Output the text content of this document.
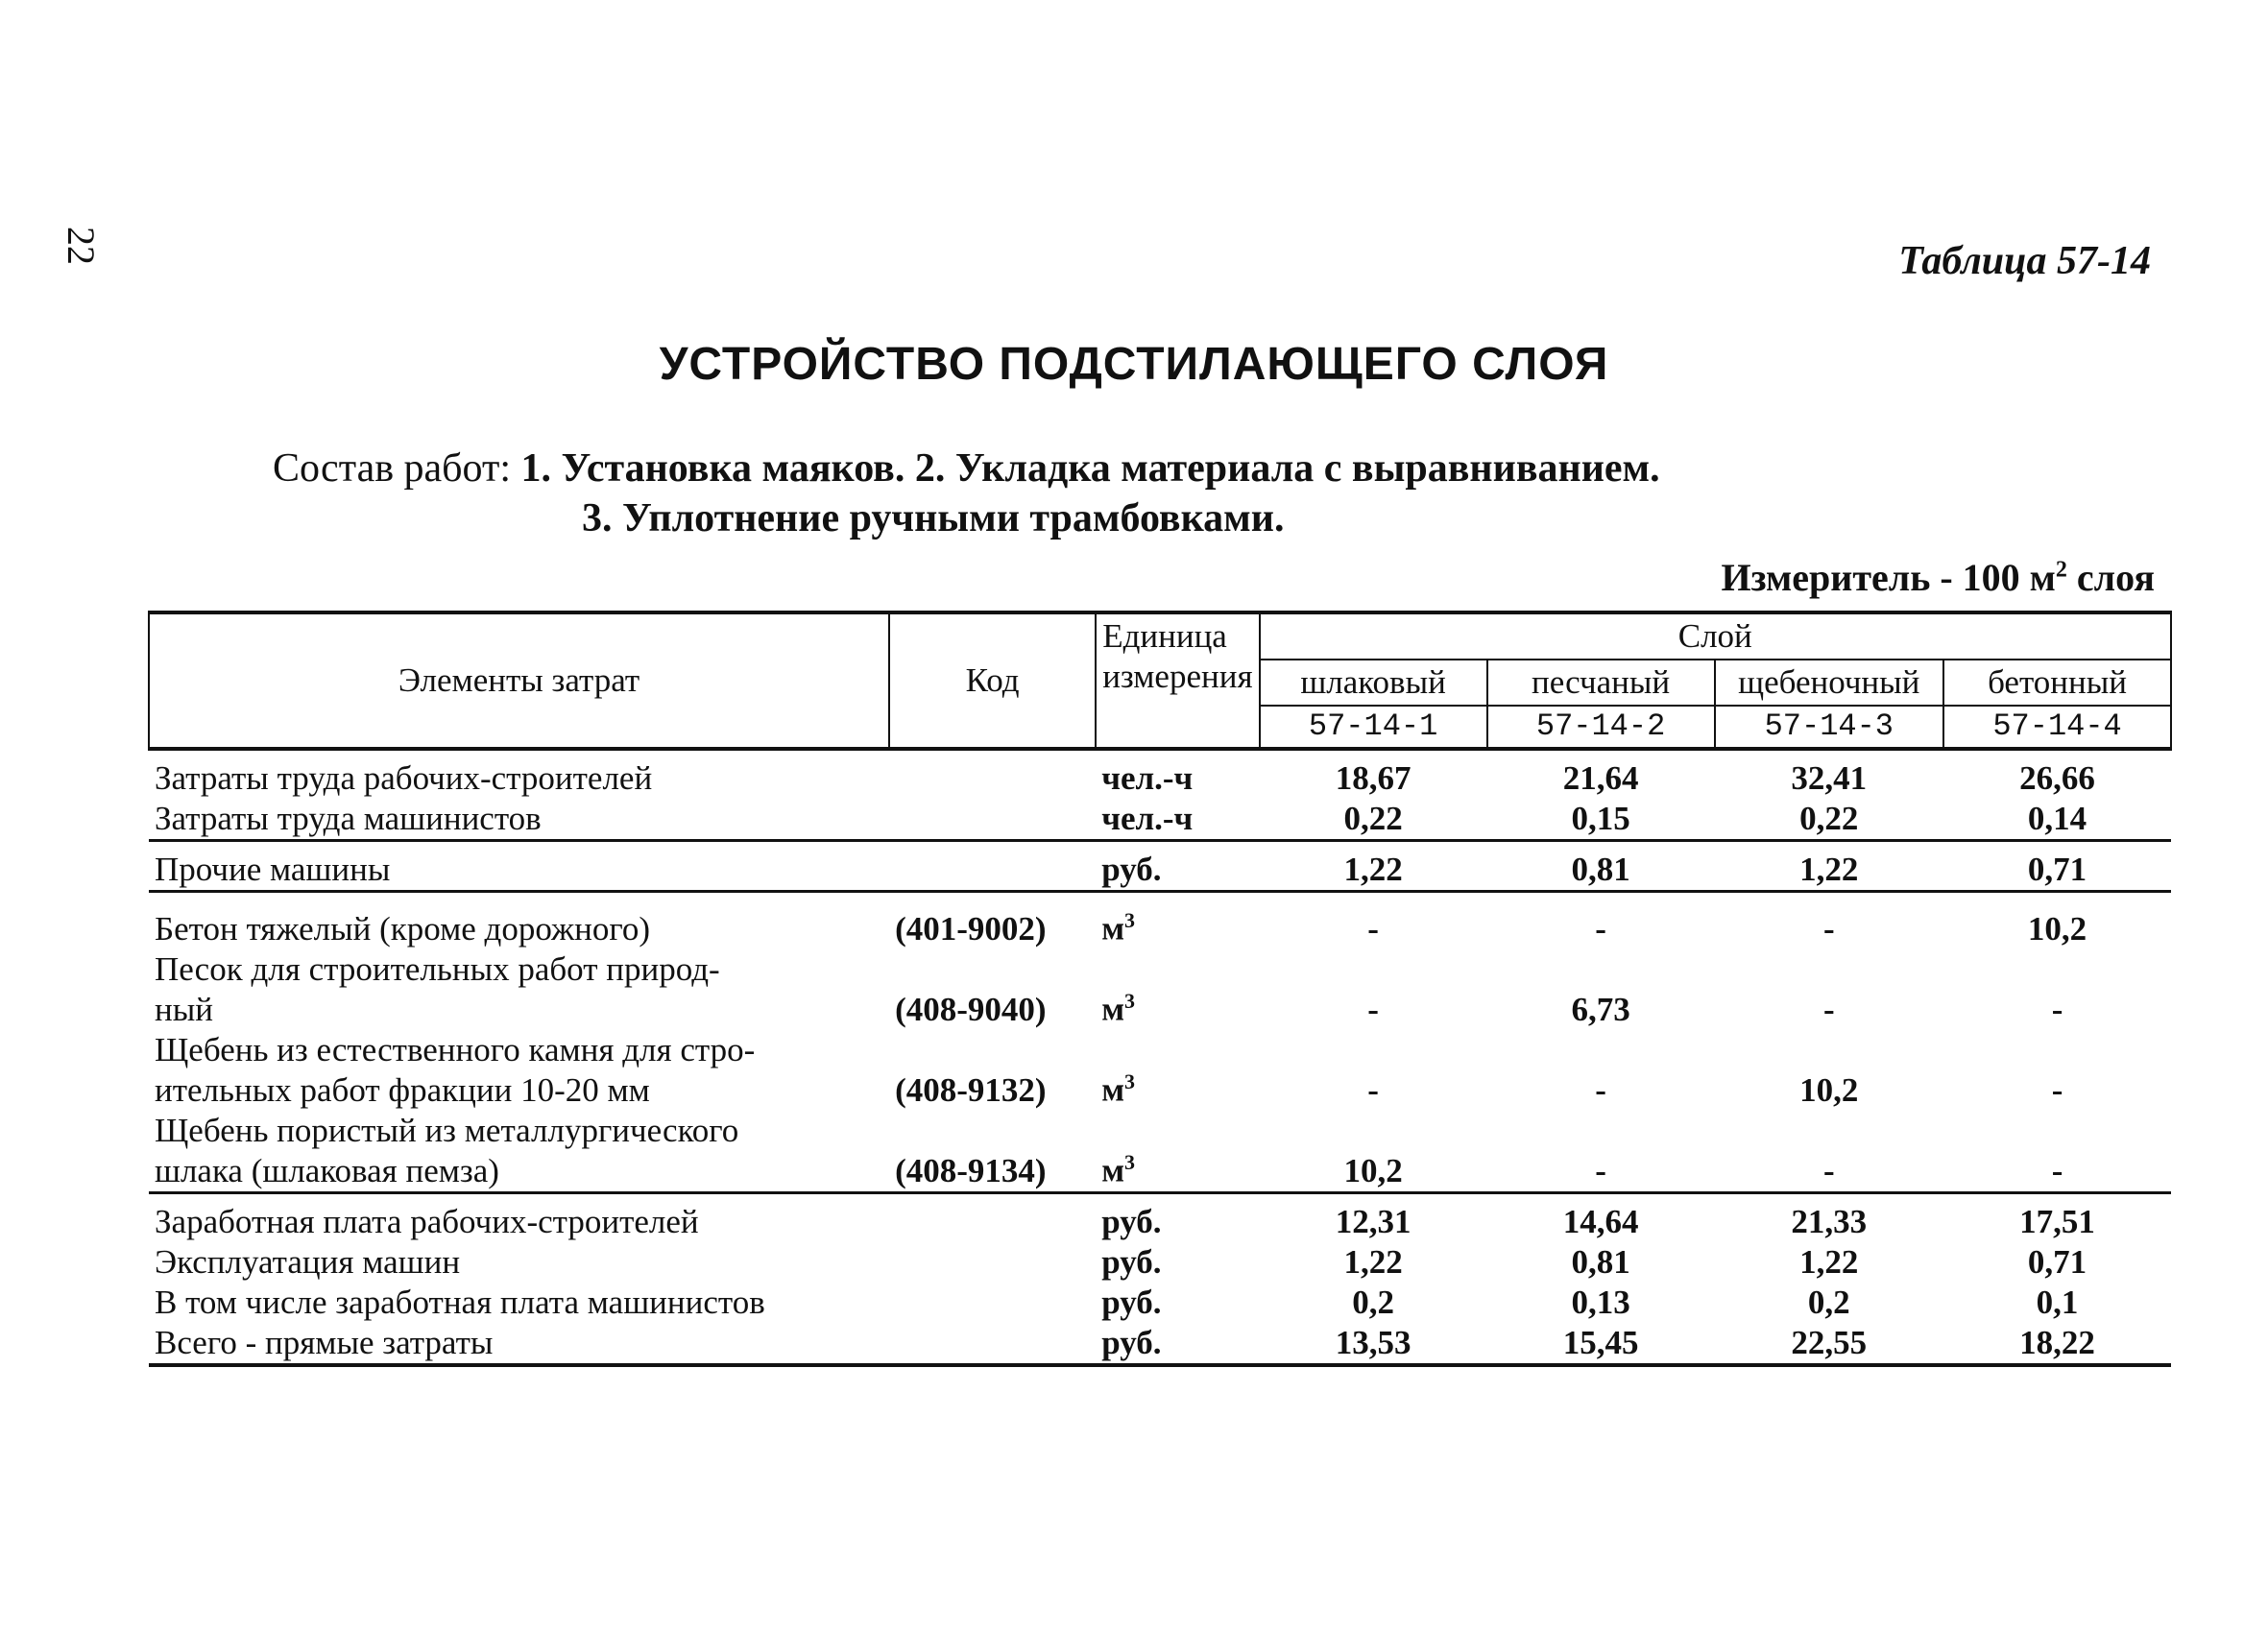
22	Таблица 57-14
УСТРОЙСТВО ПОДСТИЛАЮЩЕГО СЛОЯ
Состав работ: 1. Установка маяков. 2. Укладка материала с выравниванием.
3. Уплотнение ручными трамбовками.
Измеритель - 100 $м^2$ слоя
Элементы затрат	Код	Единица измерения	Слой			
			шлаковый	песчаный	щебеночный	бетонный
			57-14-1	57-14-2	57-14-3	57-14-4

Затраты труда рабочих-строителей		чел.-ч	18,67	21,64	32,41	26,66

Затраты труда машинистов		чел.-ч	0,22	0,15	0,22	0,14

Прочие машины		руб.	1,22	0,81	1,22	0,71

Бетон тяжелый (кроме дорожного)	(401-9002)	$м^3$	-	-	-	10,2

Песок для строительных работ природ-
ный	(408-9040)	$м^3$	-	6,73	-	-

Щебень из естественного камня для стро-
ительных работ фракции 10-20 мм	(408-9132)	$м^3$	-	-	10,2	-

Щебень пористый из металлургического
шлака (шлаковая пемза)	(408-9134)	$м^3$	10,2	-	-	-

Заработная плата рабочих-строителей		руб.	12,31	14,64	21,33	17,51

Эксплуатация машин		руб.	1,22	0,81	1,22	0,71

В том числе заработная плата машинистов		руб.	0,2	0,13	0,2	0,1

Всего - прямые затраты		руб.	13,53	15,45	22,55	18,22
